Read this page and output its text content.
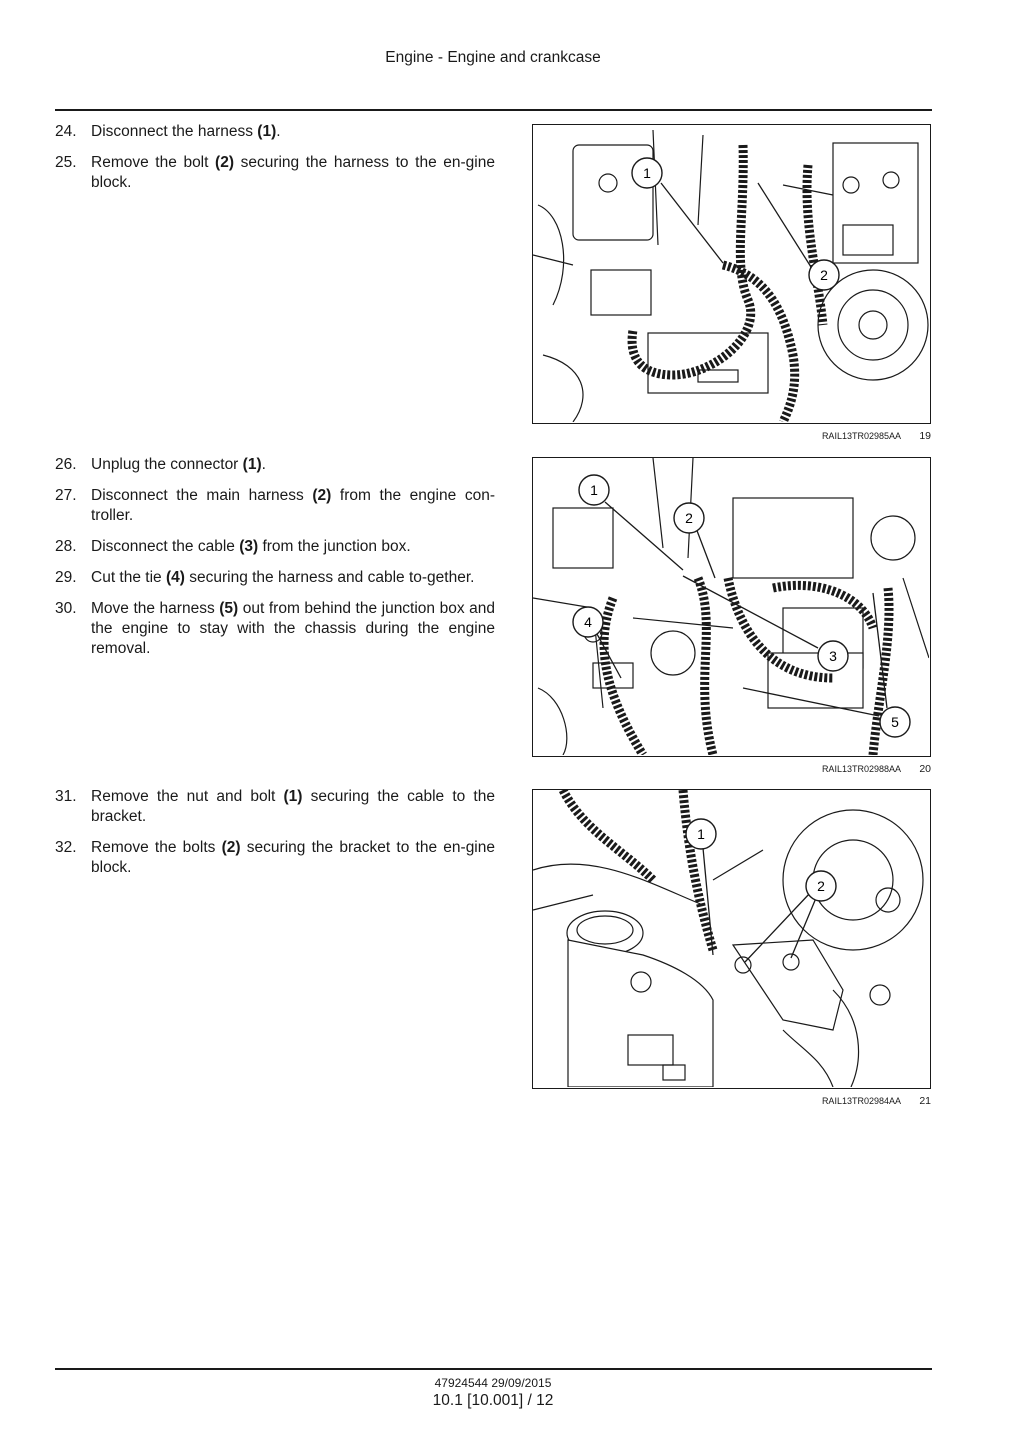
Engine - Engine and crankcase
24. Disconnect the harness (1).
25. Remove the bolt (2) securing the harness to the en-gine block.
1
2
RAIL13TR02985AA 19
26. Unplug the connector (1).
27. Disconnect the main harness (2) from the engine con-troller.
28. Disconnect the cable (3) from the junction box.
29. Cut the tie (4) securing the harness and cable to-gether.
30. Move the harness (5) out from behind the junction box and the engine to stay with the chassis during the engine removal.
1
2
3
4
5
RAIL13TR02988AA 20
31. Remove the nut and bolt (1) securing the cable to the bracket.
32. Remove the bolts (2) securing the bracket to the en-gine block.
1
2
RAIL13TR02984AA 21
47924544 29/09/2015
10.1 [10.001] / 12
